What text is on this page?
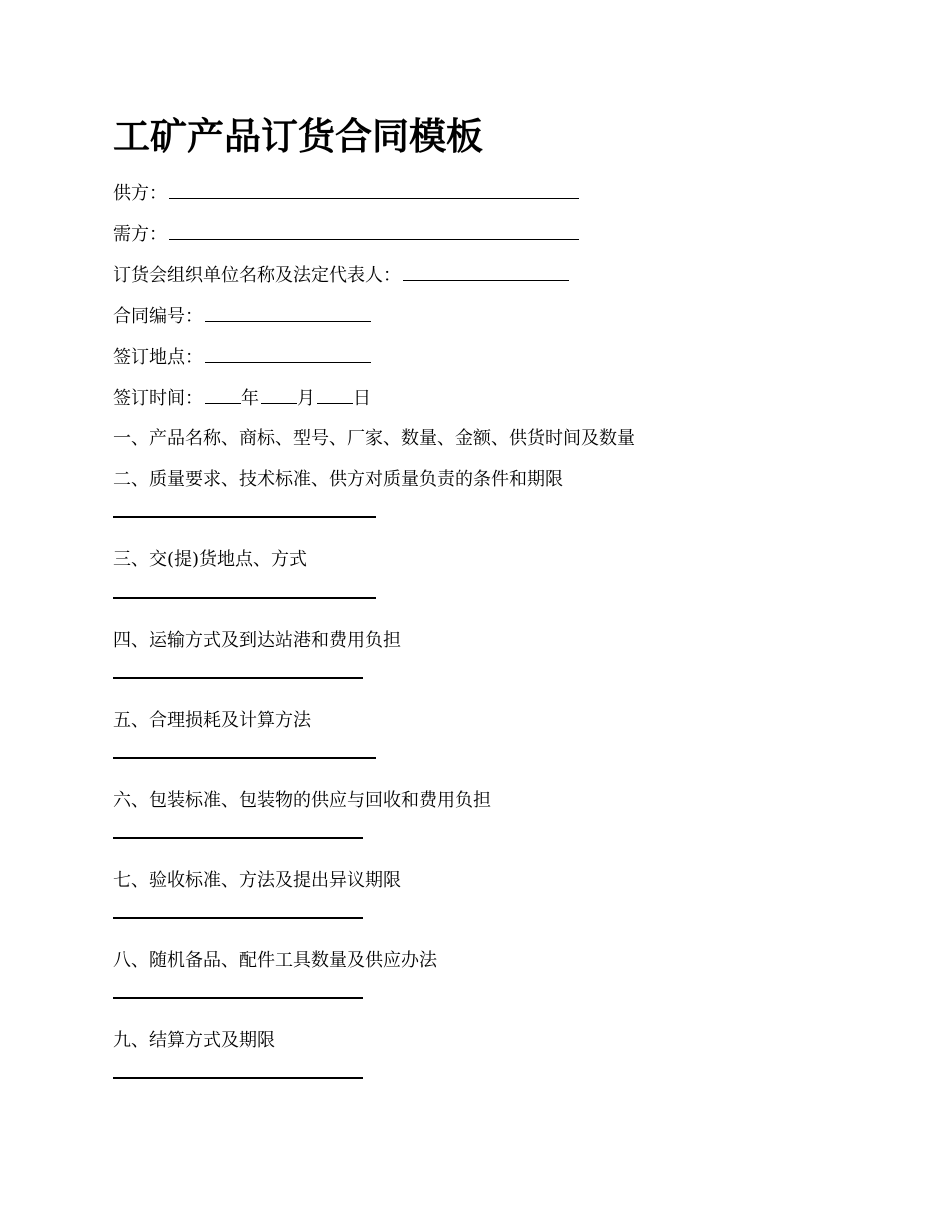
工矿产品订货合同模板
供方：
需方：
订货会组织单位名称及法定代表人：
合同编号：
签订地点：
签订时间： 年 月 日
一、产品名称、商标、型号、厂家、数量、金额、供货时间及数量
二、质量要求、技术标准、供方对质量负责的条件和期限
三、交(提)货地点、方式
四、运输方式及到达站港和费用负担
五、合理损耗及计算方法
六、包装标准、包装物的供应与回收和费用负担
七、验收标准、方法及提出异议期限
八、随机备品、配件工具数量及供应办法
九、结算方式及期限
